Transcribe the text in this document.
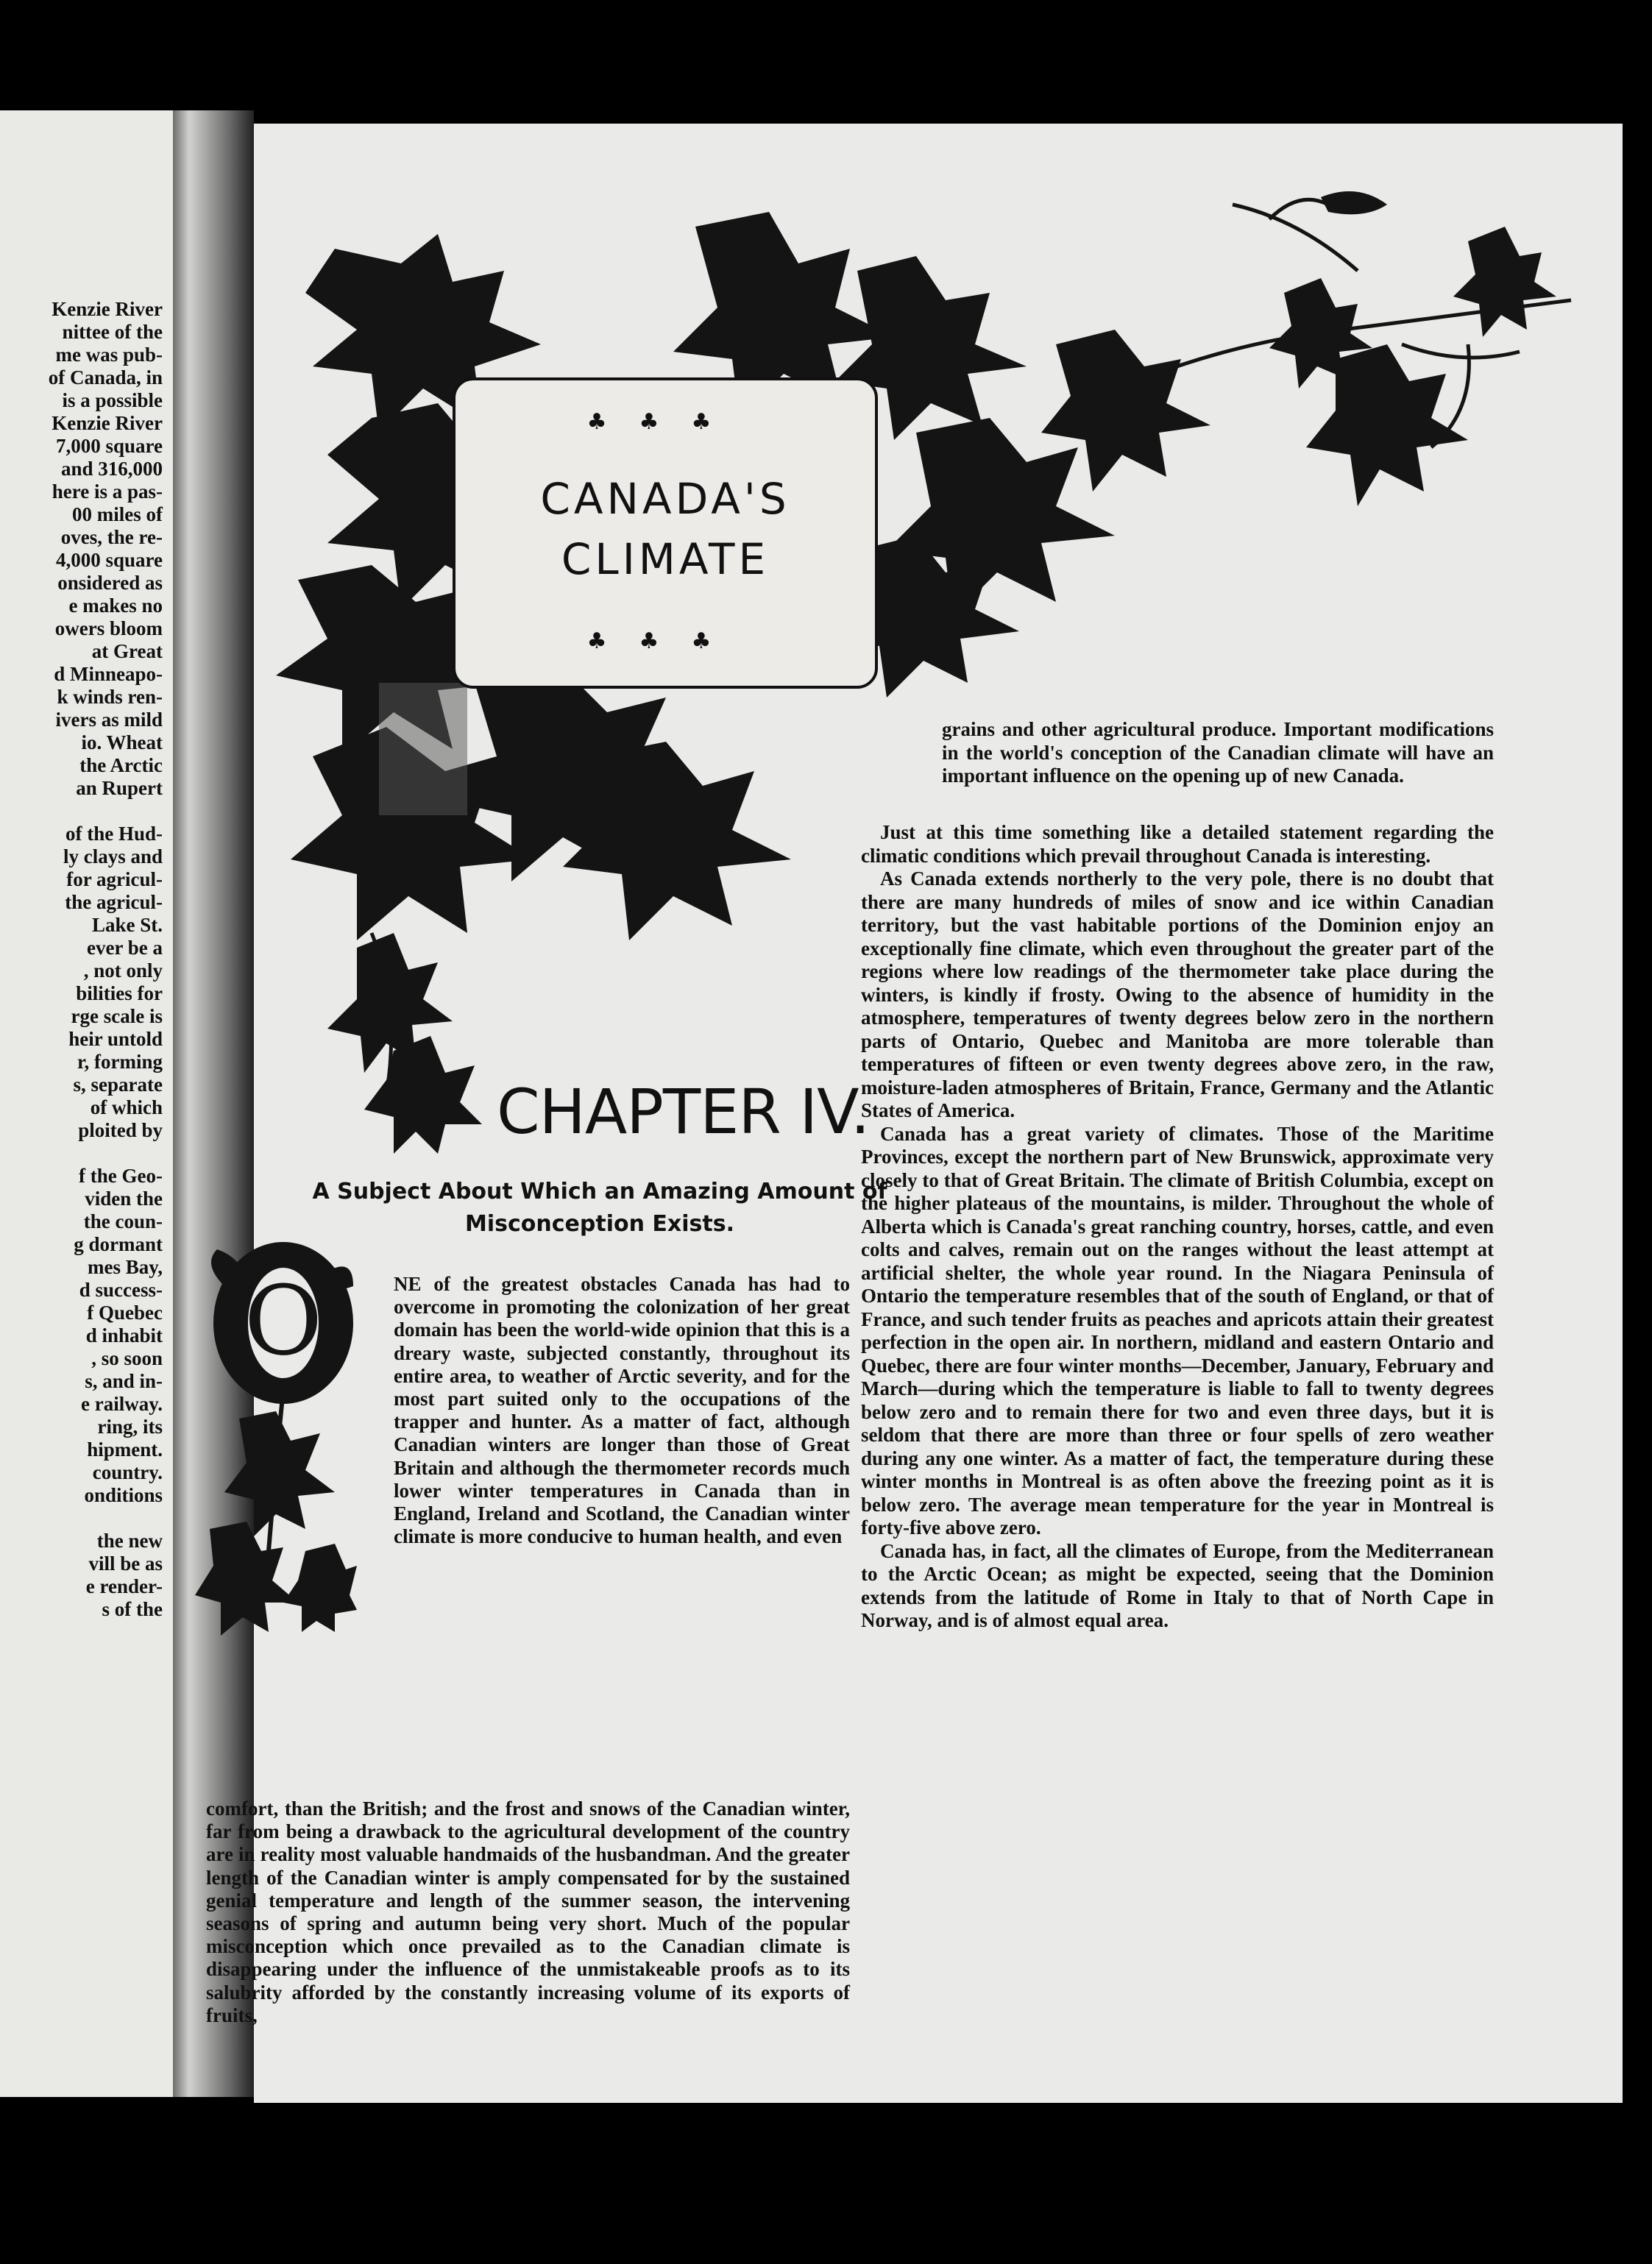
Kenzie River
nittee of the
me was pub-
of Canada, in
is a possible
Kenzie River
7,000 square
and 316,000
here is a pas-
00 miles of
oves, the re-
4,000 square
onsidered as
e makes no
owers bloom
at Great
d Minneapo-
k winds ren-
ivers as mild
io. Wheat
the Arctic
an Rupert
of the Hud-
ly clays and
for agricul-
the agricul-
Lake St.
ever be a
, not only
bilities for
rge scale is
heir untold
r, forming
s, separate
of which
ploited by
f the Geo-
viden the
the coun-
g dormant
mes Bay,
d success-
f Quebec
d inhabit
, so soon
s, and in-
e railway.
ring, its
hipment.
country.
onditions
the new
vill be as
e render-
s of the
♣♣♣
CANADA'S
CLIMATE
♣♣♣
CHAPTER IV.
A Subject About Which an Amazing Amount of
Misconception Exists.
O	NE of the greatest obstacles Canada has had to overcome in promoting the colonization of her great domain has been the world-wide opinion that this is a dreary waste, subjected constantly, throughout its entire area, to weather of Arctic severity, and for the most part suited only to the occupations of the trapper and hunter. As a matter of fact, although Canadian winters are longer than those of Great Britain and although the thermometer records much lower winter temperatures in Canada than in England, Ireland and Scotland, the Canadian winter climate is more conducive to human health, and even

comfort, than the British; and the frost and snows of the Canadian winter, far from being a drawback to the agricultural development of the country are in reality most valuable handmaids of the husbandman. And the greater length of the Canadian winter is amply compensated for by the sustained genial temperature and length of the summer season, the intervening seasons of spring and autumn being very short. Much of the popular misconception which once prevailed as to the Canadian climate is disappearing under the influence of the unmistakeable proofs as to its salubrity afforded by the constantly increasing volume of its exports of fruits,

grains and other agricultural produce. Important modifications in the world's conception of the Canadian climate will have an important influence on the opening up of new Canada.

Just at this time something like a detailed statement regarding the climatic conditions which prevail throughout Canada is interesting.

As Canada extends northerly to the very pole, there is no doubt that there are many hundreds of miles of snow and ice within Canadian territory, but the vast habitable portions of the Dominion enjoy an exceptionally fine climate, which even throughout the greater part of the regions where low readings of the thermometer take place during the winters, is kindly if frosty. Owing to the absence of humidity in the atmosphere, temperatures of twenty degrees below zero in the northern parts of Ontario, Quebec and Manitoba are more tolerable than temperatures of fifteen or even twenty degrees above zero, in the raw, moisture-laden atmospheres of Britain, France, Germany and the Atlantic States of America.

Canada has a great variety of climates. Those of the Maritime Provinces, except the northern part of New Brunswick, approximate very closely to that of Great Britain. The climate of British Columbia, except on the higher plateaus of the mountains, is milder. Throughout the whole of Alberta which is Canada's great ranching country, horses, cattle, and even colts and calves, remain out on the ranges without the least attempt at artificial shelter, the whole year round. In the Niagara Peninsula of Ontario the temperature resembles that of the south of England, or that of France, and such tender fruits as peaches and apricots attain their greatest perfection in the open air. In northern, midland and eastern Ontario and Quebec, there are four winter months—December, January, February and March—during which the temperature is liable to fall to twenty degrees below zero and to remain there for two and even three days, but it is seldom that there are more than three or four spells of zero weather during any one winter. As a matter of fact, the temperature during these winter months in Montreal is as often above the freezing point as it is below zero. The average mean temperature for the year in Montreal is forty-five above zero.

Canada has, in fact, all the climates of Europe, from the Mediterranean to the Arctic Ocean; as might be expected, seeing that the Dominion extends from the latitude of Rome in Italy to that of North Cape in Norway, and is of almost equal area.
